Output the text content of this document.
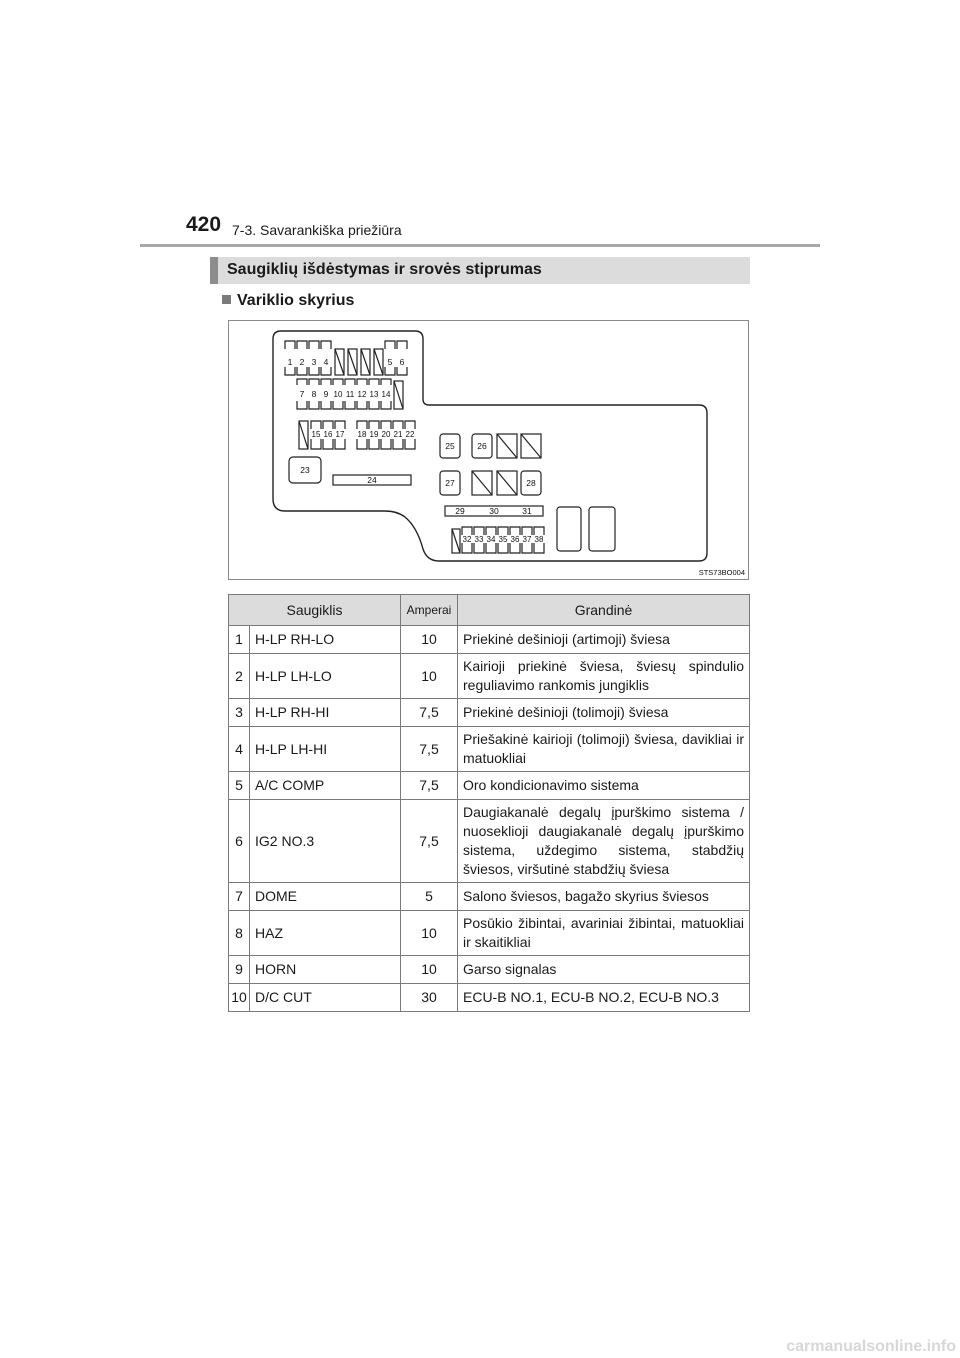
420 7-3. Savarankiška priežiūra
Saugiklių išdėstymas ir srovės stiprumas
Variklio skyrius
1 2 3 4	5 6
7 8 9 10 11 12 13 14
15 16 17 18 19 20 21 22
23
24
25	26
27	28
29	30	31
32 33 34 35 36 37 38
STS73BO004
Saugiklis		Amperai	Grandinė
1	H-LP RH-LO	10	Priekinė dešinioji (artimoji) šviesa
2	H-LP LH-LO	10	Kairioji priekinė šviesa, šviesų spindulio reguliavimo rankomis jungiklis
3	H-LP RH-HI	7,5	Priekinė dešinioji (tolimoji) šviesa
4	H-LP LH-HI	7,5	Priešakinė kairioji (tolimoji) šviesa, davikliai ir matuokliai
5	A/C COMP	7,5	Oro kondicionavimo sistema
6	IG2 NO.3	7,5	Daugiakanalė degalų įpurškimo sistema / nuoseklioji daugiakanalė degalų įpurškimo sistema, uždegimo sistema, stabdžių šviesos, viršutinė stabdžių šviesa
7	DOME	5	Salono šviesos, bagažo skyrius šviesos
8	HAZ	10	Posūkio žibintai, avariniai žibintai, matuokliai ir skaitikliai
9	HORN	10	Garso signalas
10	D/C CUT	30	ECU-B NO.1, ECU-B NO.2, ECU-B NO.3
carmanualsonline.info
